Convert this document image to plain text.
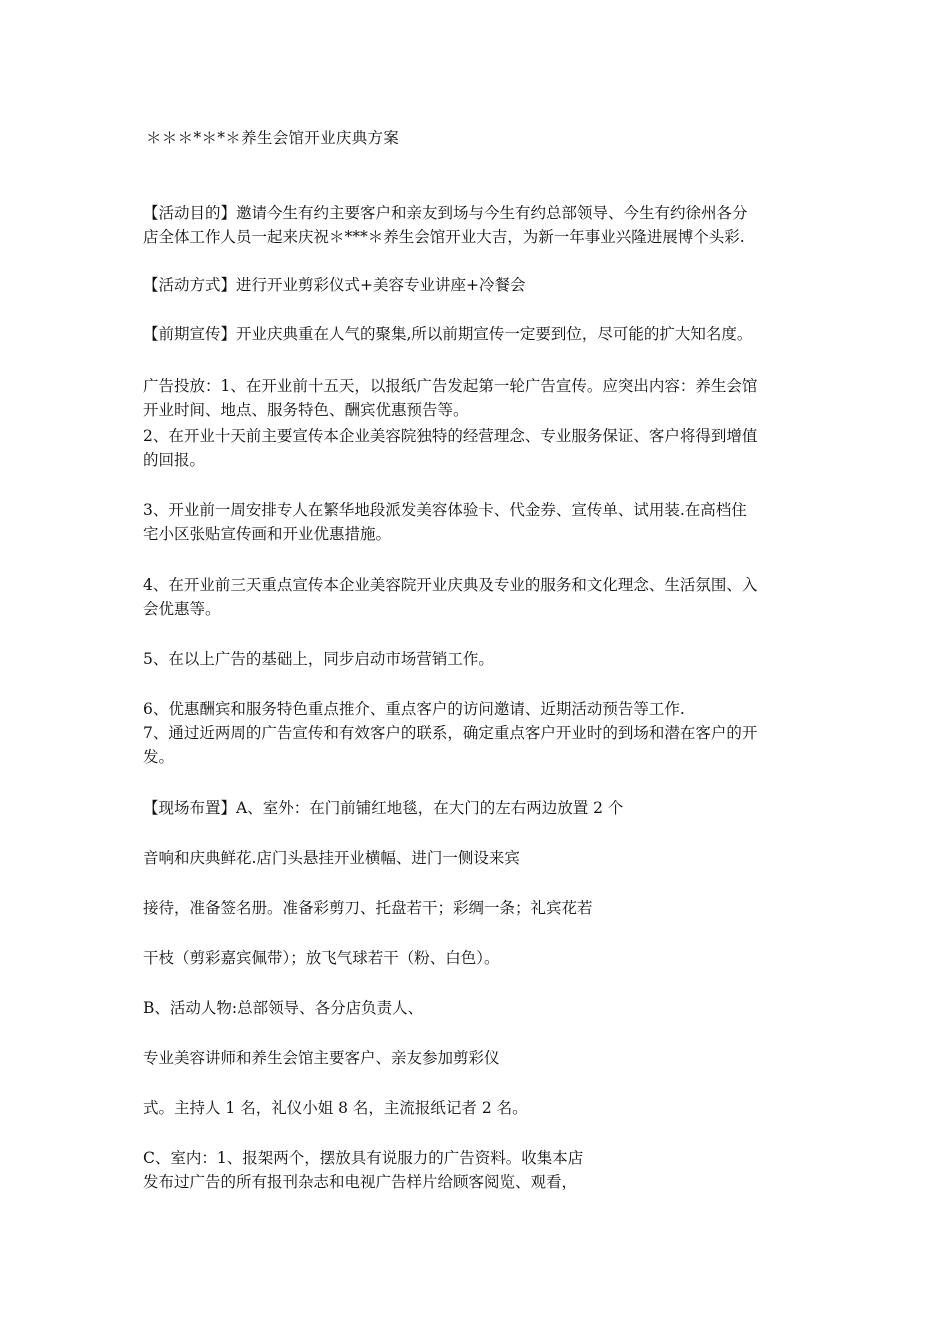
＊＊＊*＊*＊养生会馆开业庆典方案
【活动目的】邀请今生有约主要客户和亲友到场与今生有约总部领导、今生有约徐州各分
店全体工作人员一起来庆祝＊***＊养生会馆开业大吉，为新一年事业兴隆进展博个头彩.
【活动方式】进行开业剪彩仪式+美容专业讲座+冷餐会
【前期宣传】开业庆典重在人气的聚集,所以前期宣传一定要到位，尽可能的扩大知名度。
广告投放：1、在开业前十五天，以报纸广告发起第一轮广告宣传。应突出内容：养生会馆
开业时间、地点、服务特色、酬宾优惠预告等。
2、在开业十天前主要宣传本企业美容院独特的经营理念、专业服务保证、客户将得到增值
的回报。
3、开业前一周安排专人在繁华地段派发美容体验卡、代金券、宣传单、试用装.在高档住
宅小区张贴宣传画和开业优惠措施。
4、在开业前三天重点宣传本企业美容院开业庆典及专业的服务和文化理念、生活氛围、入
会优惠等。
5、在以上广告的基础上，同步启动市场营销工作。
6、优惠酬宾和服务特色重点推介、重点客户的访问邀请、近期活动预告等工作.
7、通过近两周的广告宣传和有效客户的联系，确定重点客户开业时的到场和潜在客户的开
发。
【现场布置】A、室外：在门前铺红地毯，在大门的左右两边放置 2 个
音响和庆典鲜花.店门头悬挂开业横幅、进门一侧设来宾
接待，准备签名册。准备彩剪刀、托盘若干；彩绸一条；礼宾花若
干枝（剪彩嘉宾佩带）；放飞气球若干（粉、白色）。
B、活动人物:总部领导、各分店负责人、
专业美容讲师和养生会馆主要客户、亲友参加剪彩仪
式。主持人 1 名，礼仪小姐 8 名，主流报纸记者 2 名。
C、室内：1、报架两个，摆放具有说服力的广告资料。收集本店
发布过广告的所有报刊杂志和电视广告样片给顾客阅览、观看，
